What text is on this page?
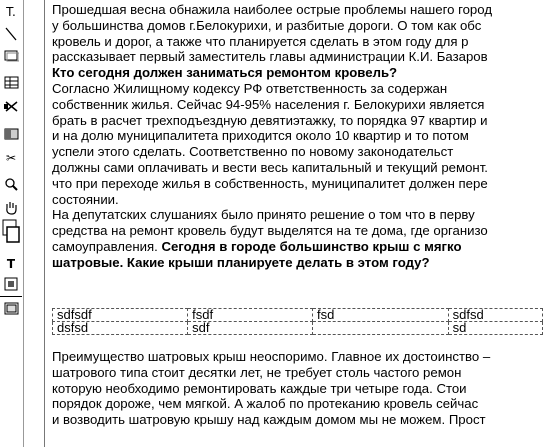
T.
✂
T
Прошедшая весна обнажила наиболее острые проблемы нашего город
у большинства домов г.Белокурихи, и разбитые дороги. О том как обс
кровель и дорог, а также что планируется сделать в этом году для р
рассказывает первый заместитель главы администрации К.И. Базаров
Кто сегодня должен заниматься ремонтом кровель?
Согласно Жилищному кодексу РФ ответственность за содержан
собственник жилья. Сейчас 94-95% населения г. Белокурихи является
брать в расчет трехподъездную девятиэтажку, то порядка 97 квартир и
и на долю муниципалитета приходится около 10 квартир и то потом
успели этого сделать. Соответственно по новому законодательст
должны сами оплачивать и вести весь капитальный и текущий ремонт.
что при переходе жилья в собственность, муниципалитет должен пере
состоянии.
На депутатских слушаниях было принято решение о том что в перву
средства на ремонт кровель будут выделятся на те дома, где организо
самоуправления. Сегодня в городе большинство крыш с мягко
шатровые. Какие крыши планируете делать в этом году?
sdfsdf	fsdf	fsd	sdfsd
dsfsd	sdf		sd
Преимущество шатровых крыш неоспоримо. Главное их достоинство –
шатрового типа стоит десятки лет, не требует столь частого ремон
которую необходимо ремонтировать каждые три четыре года. Стои
порядок дороже, чем мягкой. А жалоб по протеканию кровель сейчас
и возводить шатровую крышу над каждым домом мы не можем. Прост
